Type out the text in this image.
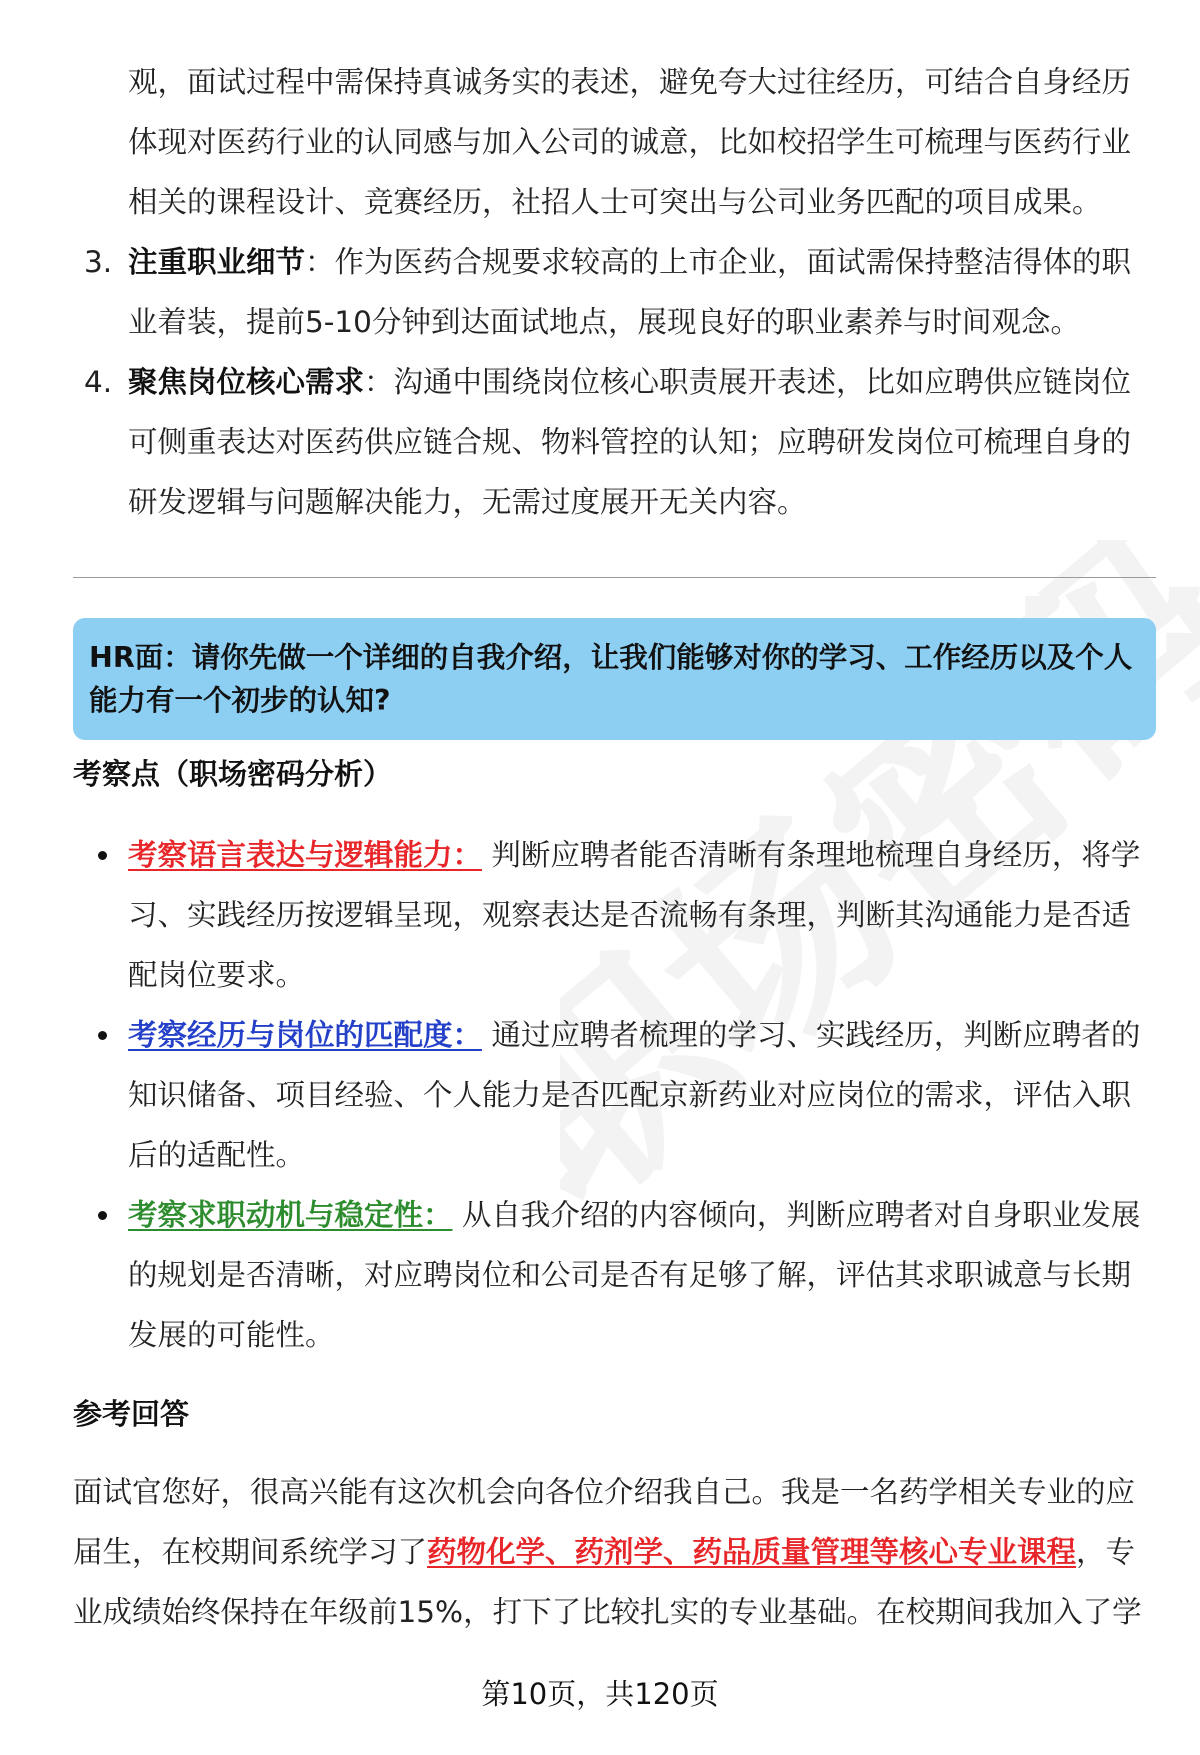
观，面试过程中需保持真诚务实的表述，避免夸大过往经历，可结合自身经历体现对医药行业的认同感与加入公司的诚意，比如校招学生可梳理与医药行业相关的课程设计、竞赛经历，社招人士可突出与公司业务匹配的项目成果。
3. 注重职业细节：作为医药合规要求较高的上市企业，面试需保持整洁得体的职业着装，提前5-10分钟到达面试地点，展现良好的职业素养与时间观念。
4. 聚焦岗位核心需求：沟通中围绕岗位核心职责展开表述，比如应聘供应链岗位可侧重表达对医药供应链合规、物料管控的认知；应聘研发岗位可梳理自身的研发逻辑与问题解决能力，无需过度展开无关内容。
HR面：请你先做一个详细的自我介绍，让我们能够对你的学习、工作经历以及个人能力有一个初步的认知?
考察点（职场密码分析）
考察语言表达与逻辑能力： 判断应聘者能否清晰有条理地梳理自身经历，将学习、实践经历按逻辑呈现，观察表达是否流畅有条理，判断其沟通能力是否适配岗位要求。
考察经历与岗位的匹配度： 通过应聘者梳理的学习、实践经历，判断应聘者的知识储备、项目经验、个人能力是否匹配京新药业对应岗位的需求，评估入职后的适配性。
考察求职动机与稳定性： 从自我介绍的内容倾向，判断应聘者对自身职业发展的规划是否清晰，对应聘岗位和公司是否有足够了解，评估其求职诚意与长期发展的可能性。
参考回答
面试官您好，很高兴能有这次机会向各位介绍我自己。我是一名药学相关专业的应届生，在校期间系统学习了药物化学、药剂学、药品质量管理等核心专业课程，专业成绩始终保持在年级前15%，打下了比较扎实的专业基础。在校期间我加入了学
第10页，共120页
